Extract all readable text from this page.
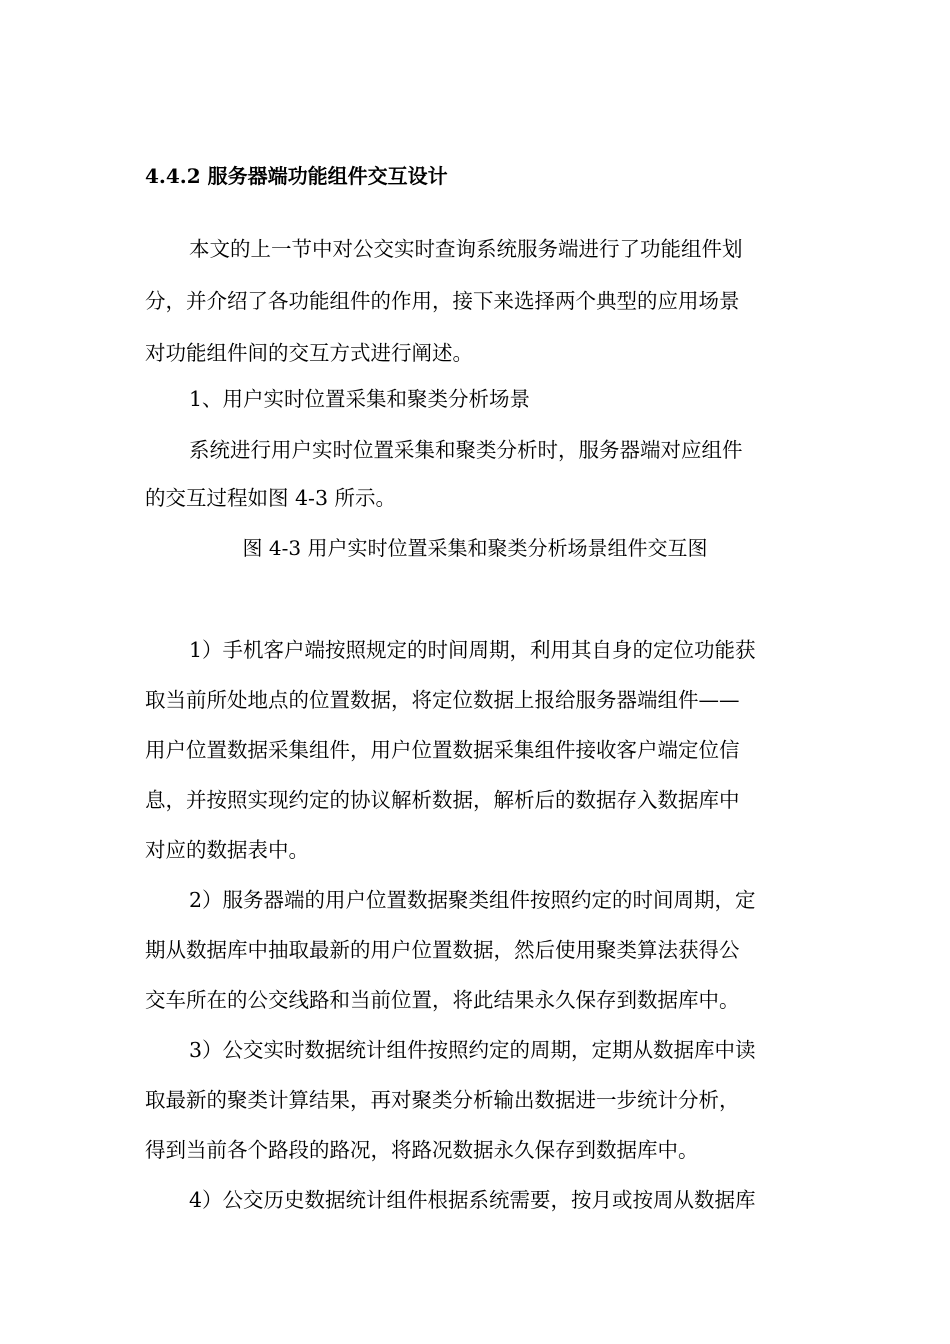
4.4.2 服务器端功能组件交互设计
本文的上一节中对公交实时查询系统服务端进行了功能组件划
分，并介绍了各功能组件的作用，接下来选择两个典型的应用场景
对功能组件间的交互方式进行阐述。
1、用户实时位置采集和聚类分析场景
系统进行用户实时位置采集和聚类分析时，服务器端对应组件
的交互过程如图 4-3 所示。
图 4-3 用户实时位置采集和聚类分析场景组件交互图
1）手机客户端按照规定的时间周期，利用其自身的定位功能获
取当前所处地点的位置数据，将定位数据上报给服务器端组件——
用户位置数据采集组件，用户位置数据采集组件接收客户端定位信
息，并按照实现约定的协议解析数据，解析后的数据存入数据库中
对应的数据表中。
2）服务器端的用户位置数据聚类组件按照约定的时间周期，定
期从数据库中抽取最新的用户位置数据，然后使用聚类算法获得公
交车所在的公交线路和当前位置，将此结果永久保存到数据库中。
3）公交实时数据统计组件按照约定的周期，定期从数据库中读
取最新的聚类计算结果，再对聚类分析输出数据进一步统计分析，
得到当前各个路段的路况，将路况数据永久保存到数据库中。
4）公交历史数据统计组件根据系统需要，按月或按周从数据库
